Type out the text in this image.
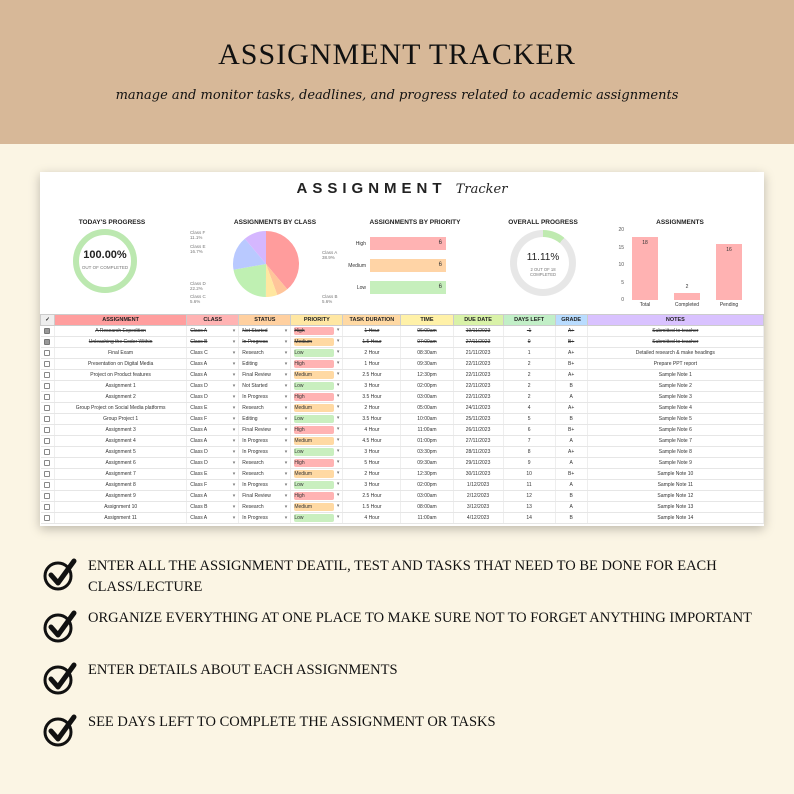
ASSIGNMENT TRACKER

manage and monitor tasks, deadlines, and progress related to academic assignments

ASSIGNMENT Tracker
TODAY'S PROGRESS
100.00%
OUT OF COMPLETED
ASSIGNMENTS BY CLASS
Class F
11.1%
Class E
16.7%
Class D
22.2%
Class C
5.6%
Class A
38.9%
Class B
5.6%
ASSIGNMENTS BY PRIORITY
High	6
Medium	6
Low	6
OVERALL PROGRESS
11.11%
2 OUT OF 18 COMPLETED
ASSIGNMENTS
20
15
10
5
0
18
Total
2
Completed
16
Pending
✓	ASSIGNMENT	CLASS	STATUS	PRIORITY	TASK DURATION	TIME	DUE DATE	DAYS LEFT	GRADE	NOTES
	A Research Expedition	Class A ▾	Not Started ▾	High ▾	1 Hour	06:00am	19/11/2023	-1	A+	Submitted to teacher
	Unleashing the Coder Within	Class B ▾	In Progress ▾	Medium ▾	1.5 Hour	07:00am	27/11/2023	0	B+	Submitted to teacher
	Final Exam	Class C ▾	Research ▾	Low ▾	2 Hour	08:30am	21/11/2023	1	A+	Detailed research & make headings
	Presentation on Digital Media	Class A ▾	Editing ▾	High ▾	1 Hour	09:30am	22/11/2023	2	B+	Prepare PPT report
	Project on Product features	Class A ▾	Final Review ▾	Medium ▾	2.5 Hour	12:30pm	22/11/2023	2	A+	Sample Note 1
	Assignment 1	Class D ▾	Not Started ▾	Low ▾	3 Hour	02:00pm	22/11/2023	2	B	Sample Note 2
	Assignment 2	Class D ▾	In Progress ▾	High ▾	3.5 Hour	03:00am	22/11/2023	2	A	Sample Note 3
	Group Project on Social Media platforms	Class E ▾	Research ▾	Medium ▾	2 Hour	05:00am	24/11/2023	4	A+	Sample Note 4
	Group Project 1	Class F ▾	Editing ▾	Low ▾	3.5 Hour	10:00am	25/11/2023	5	B	Sample Note 5
	Assignment 3	Class A ▾	Final Review ▾	High ▾	4 Hour	11:00am	26/11/2023	6	B+	Sample Note 6
	Assignment 4	Class A ▾	In Progress ▾	Medium ▾	4.5 Hour	01:00pm	27/11/2023	7	A	Sample Note 7
	Assignment 5	Class D ▾	In Progress ▾	Low ▾	3 Hour	03:30pm	28/11/2023	8	A+	Sample Note 8
	Assignment 6	Class D ▾	Research ▾	High ▾	5 Hour	09:30am	29/11/2023	9	A	Sample Note 9
	Assignment 7	Class E ▾	Research ▾	Medium ▾	2 Hour	12:30pm	30/11/2023	10	B+	Sample Note 10
	Assignment 8	Class F ▾	In Progress ▾	Low ▾	3 Hour	02:00pm	1/12/2023	11	A	Sample Note 11
	Assignment 9	Class A ▾	Final Review ▾	High ▾	2.5 Hour	03:00am	2/12/2023	12	B	Sample Note 12
	Assignment 10	Class B ▾	Research ▾	Medium ▾	1.5 Hour	08:00am	3/12/2023	13	A	Sample Note 13
	Assignment 11	Class A ▾	In Progress ▾	Low ▾	4 Hour	11:00am	4/12/2023	14	B	Sample Note 14

ENTER ALL THE ASSIGNMENT DEATIL, TEST AND TASKS THAT NEED TO BE DONE FOR EACH CLASS/LECTURE

ORGANIZE EVERYTHING AT ONE PLACE TO MAKE SURE NOT TO FORGET ANYTHING IMPORTANT

ENTER DETAILS ABOUT EACH ASSIGNMENTS

SEE DAYS LEFT TO COMPLETE THE ASSIGNMENT OR TASKS
